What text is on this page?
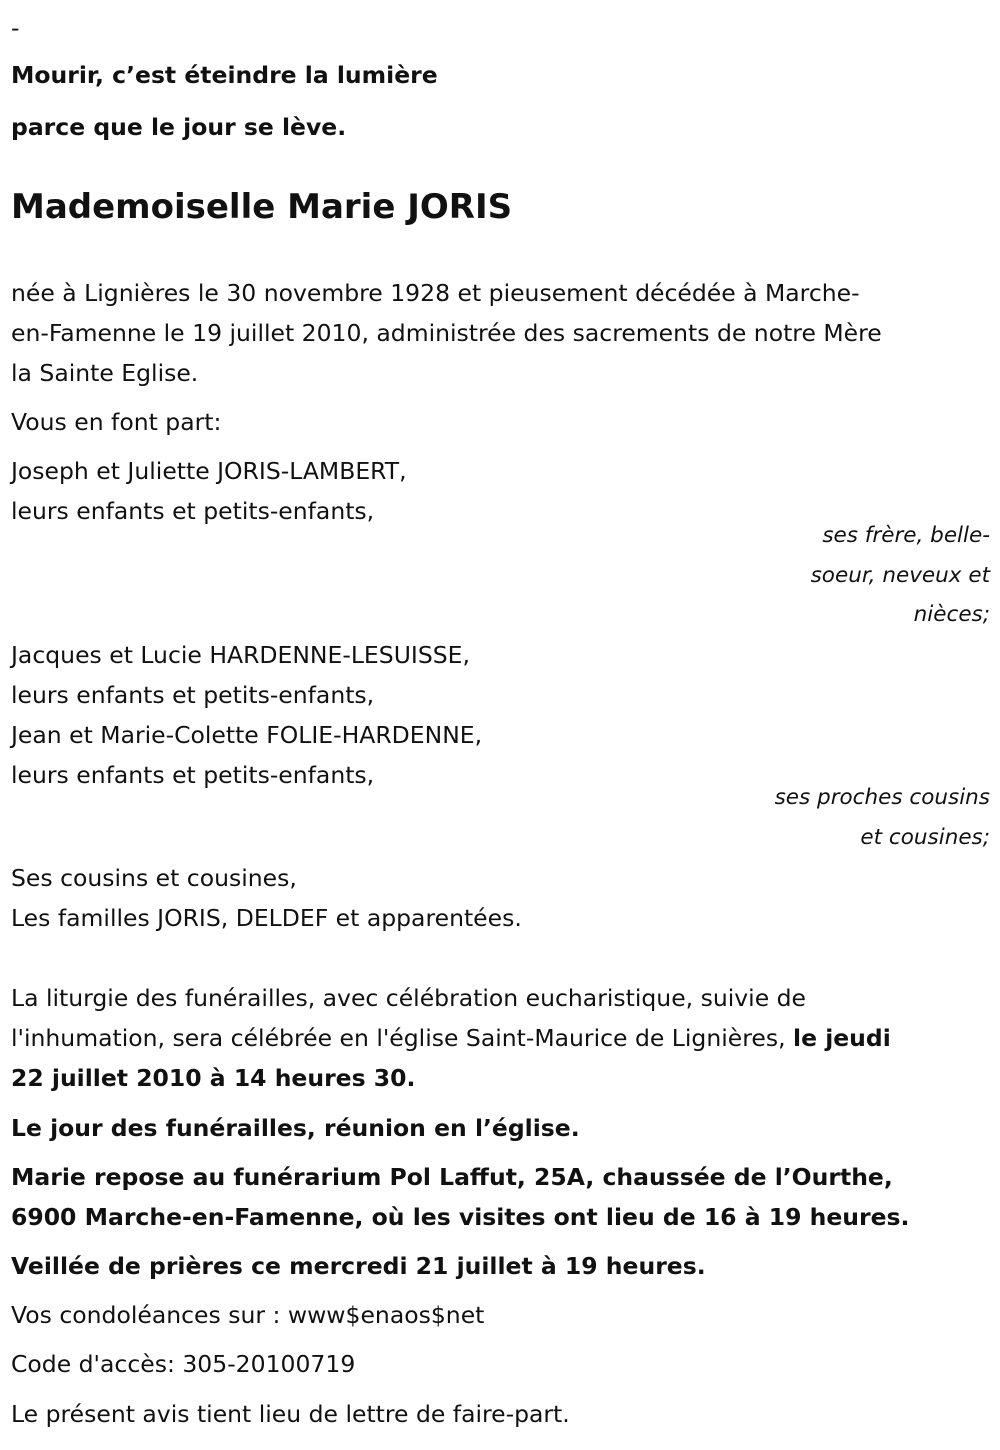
-
Mourir, c’est éteindre la lumière
parce que le jour se lève.
Mademoiselle Marie JORIS
née à Lignières le 30 novembre 1928 et pieusement décédée à Marche-
en-Famenne le 19 juillet 2010, administrée des sacrements de notre Mère
la Sainte Eglise.
Vous en font part:
Joseph et Juliette JORIS-LAMBERT,
leurs enfants et petits-enfants,
ses frère, belle-
soeur, neveux et
nièces;
Jacques et Lucie HARDENNE-LESUISSE,
leurs enfants et petits-enfants,
Jean et Marie-Colette FOLIE-HARDENNE,
leurs enfants et petits-enfants,
ses proches cousins
et cousines;
Ses cousins et cousines,
Les familles JORIS, DELDEF et apparentées.
La liturgie des funérailles, avec célébration eucharistique, suivie de
l'inhumation, sera célébrée en l'église Saint-Maurice de Lignières, le jeudi
22 juillet 2010 à 14 heures 30.
Le jour des funérailles, réunion en l’église.
Marie repose au funérarium Pol Laffut, 25A, chaussée de l’Ourthe,
6900 Marche-en-Famenne, où les visites ont lieu de 16 à 19 heures.
Veillée de prières ce mercredi 21 juillet à 19 heures.
Vos condoléances sur : www$enaos$net
Code d'accès: 305-20100719
Le présent avis tient lieu de lettre de faire-part.
